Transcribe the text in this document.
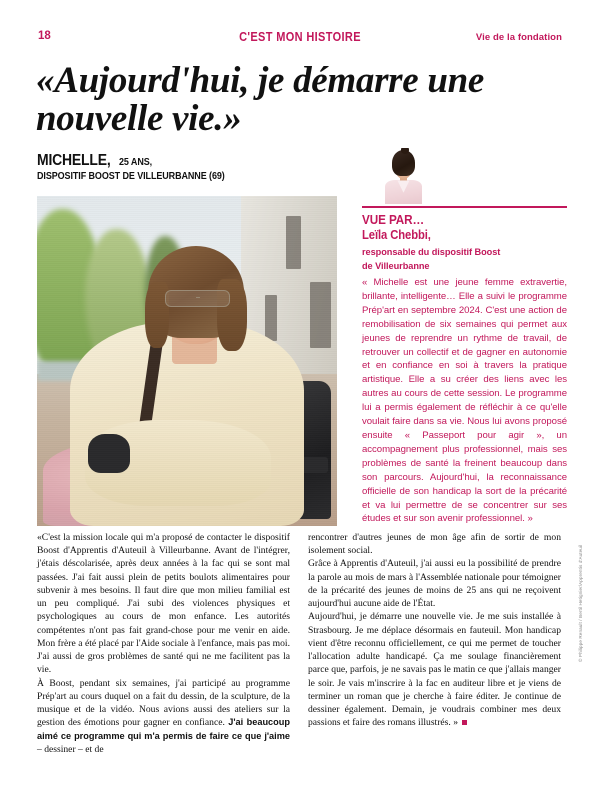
18	C'EST MON HISTOIRE	Vie de la fondation
«Aujourd'hui, je démarre une nouvelle vie.»
MICHELLE, 25 ANS,
DISPOSITIF BOOST DE VILLEURBANNE (69)
VUE PAR…
Leïla Chebbi,
responsable du dispositif Boost
de Villeurbanne
« Michelle est une jeune femme extravertie, brillante, intelligente… Elle a suivi le programme Prép'art en septembre 2024. C'est une action de remobilisation de six semaines qui permet aux jeunes de reprendre un rythme de travail, de retrouver un collectif et de gagner en autonomie et en confiance en soi à travers la pratique artistique. Elle a su créer des liens avec les autres au cours de cette session. Le programme lui a permis également de réfléchir à ce qu'elle voulait faire dans sa vie. Nous lui avons proposé ensuite « Passeport pour agir », un accompagnement plus professionnel, mais ses problèmes de santé la freinent beaucoup dans son parcours. Aujourd'hui, la reconnaissance officielle de son handicap la sort de la précarité et va lui permettre de se concentrer sur ses études et sur son avenir professionnel. »

«C'est la mission locale qui m'a proposé de contacter le dispositif Boost d'Apprentis d'Auteuil à Villeurbanne. Avant de l'intégrer, j'étais déscolarisée, après deux années à la fac qui se sont mal passées. J'ai fait aussi plein de petits boulots alimentaires pour subvenir à mes besoins. Il faut dire que mon milieu familial est un peu compliqué. J'ai subi des violences physiques et psychologiques au cours de mon enfance. Les autorités compétentes n'ont pas fait grand-chose pour me venir en aide. Mon frère a été placé par l'Aide sociale à l'enfance, mais pas moi. J'ai aussi de gros problèmes de santé qui ne me facilitent pas la vie.

À Boost, pendant six semaines, j'ai participé au programme Prép'art au cours duquel on a fait du dessin, de la sculpture, de la musique et de la vidéo. Nous avions aussi des ateliers sur la gestion des émotions pour gagner en confiance. J'ai beaucoup aimé ce programme qui m'a permis de faire ce que j'aime – dessiner – et de

rencontrer d'autres jeunes de mon âge afin de sortir de mon isolement social.

Grâce à Apprentis d'Auteuil, j'ai aussi eu la possibilité de prendre la parole au mois de mars à l'Assemblée nationale pour témoigner de la précarité des jeunes de moins de 25 ans qui ne reçoivent aujourd'hui aucune aide de l'État.

Aujourd'hui, je démarre une nouvelle vie. Je me suis installée à Strasbourg. Je me déplace désormais en fauteuil. Mon handicap vient d'être reconnu officiellement, ce qui me permet de toucher l'allocation adulte handicapé. Ça me soulage financièrement parce que, parfois, je ne savais pas le matin ce que j'allais manger le soir. Je vais m'inscrire à la fac en auditeur libre et je viens de terminer un roman que je cherche à faire éditer. Je continue de dessiner également. Demain, je voudrais combiner mes deux passions et faire des romans illustrés. »

© Philippe Renault / Bertil Hetignier/Apprentis d'Auteuil
